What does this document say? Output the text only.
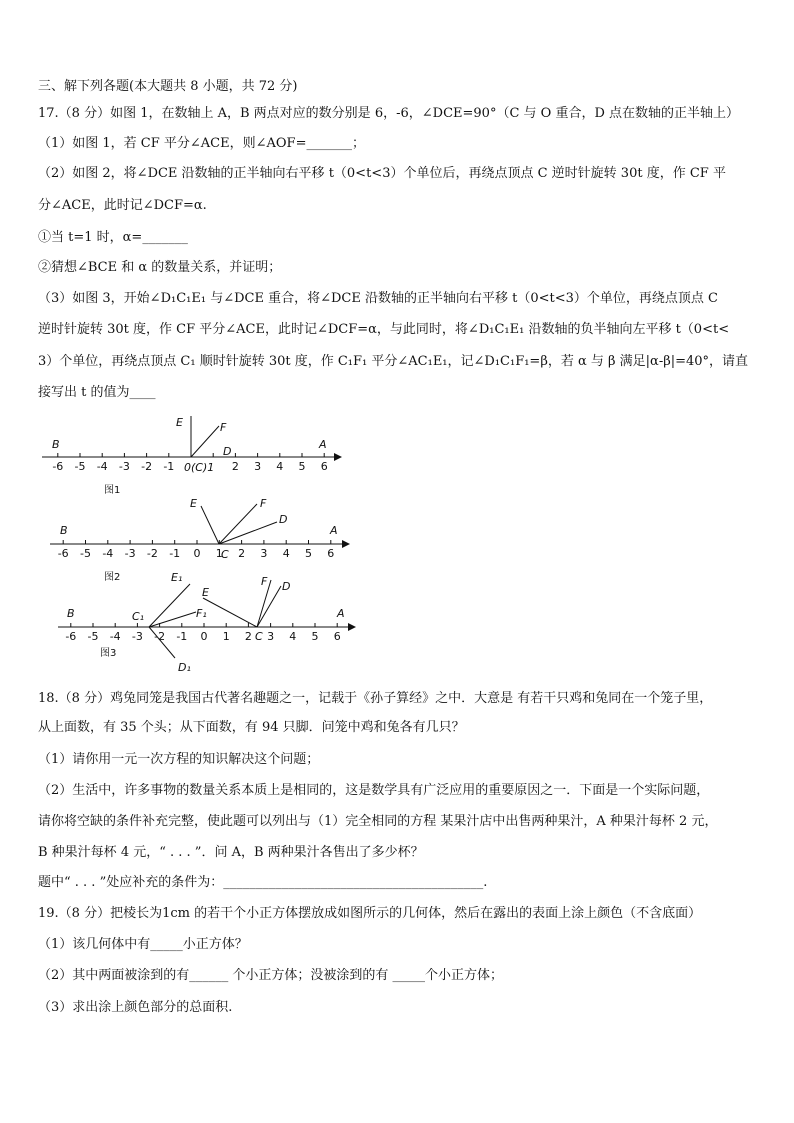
三、解下列各题(本大题共 8 小题，共 72 分)
17.（8 分）如图 1，在数轴上 A，B 两点对应的数分别是 6，-6，∠DCE=90°（C 与 O 重合，D 点在数轴的正半轴上）
（1）如图 1，若 CF 平分∠ACE，则∠AOF=_______；
（2）如图 2，将∠DCE 沿数轴的正半轴向右平移 t（0<t<3）个单位后，再绕点顶点 C 逆时针旋转 30t 度，作 CF 平
分∠ACE，此时记∠DCF=α.
①当 t=1 时，α=_______
②猜想∠BCE 和 α 的数量关系，并证明；
（3）如图 3，开始∠D₁C₁E₁ 与∠DCE 重合，将∠DCE 沿数轴的正半轴向右平移 t（0<t<3）个单位，再绕点顶点 C
逆时针旋转 30t 度，作 CF 平分∠ACE，此时记∠DCF=α，与此同时，将∠D₁C₁E₁ 沿数轴的负半轴向左平移 t（0<t<
3）个单位，再绕点顶点 C₁ 顺时针旋转 30t 度，作 C₁F₁ 平分∠AC₁E₁，记∠D₁C₁F₁=β，若 α 与 β 满足|α-β|=40°，请直
接写出 t 的值为____
-6 -5 -4 -3 -2 -1	2 3 4 5 6
B	A
E	F
D
0(C)1
图1
-6 -5 -4 -3 -2 -1 0 1 2 3 4 5 6
B	A
E	F
D
C
图2
-6 -5 -4 -3 -2 -1 0 1 2 3 4 5 6
B	A
E
F D
C
E₁
F₁
D₁
C₁
图3
18.（8 分）鸡兔同笼是我国古代著名趣题之一，记载于《孙子算经》之中．大意是 有若干只鸡和兔同在一个笼子里，
从上面数，有 35 个头；从下面数，有 94 只脚．问笼中鸡和兔各有几只？
（1）请你用一元一次方程的知识解决这个问题；
（2）生活中，许多事物的数量关系本质上是相同的，这是数学具有广泛应用的重要原因之一．下面是一个实际问题，
请你将空缺的条件补充完整，使此题可以列出与（1）完全相同的方程 某果汁店中出售两种果汁，A 种果汁每杯 2 元，
B 种果汁每杯 4 元，“ . . . ”．问 A，B 两种果汁各售出了多少杯？
题中“ . . . ”处应补充的条件为：________________________________________.
19.（8 分）把棱长为1cm 的若干个小正方体摆放成如图所示的几何体，然后在露出的表面上涂上颜色（不含底面）
（1）该几何体中有_____小正方体？
（2）其中两面被涂到的有______ 个小正方体；没被涂到的有 _____个小正方体；
（3）求出涂上颜色部分的总面积.
